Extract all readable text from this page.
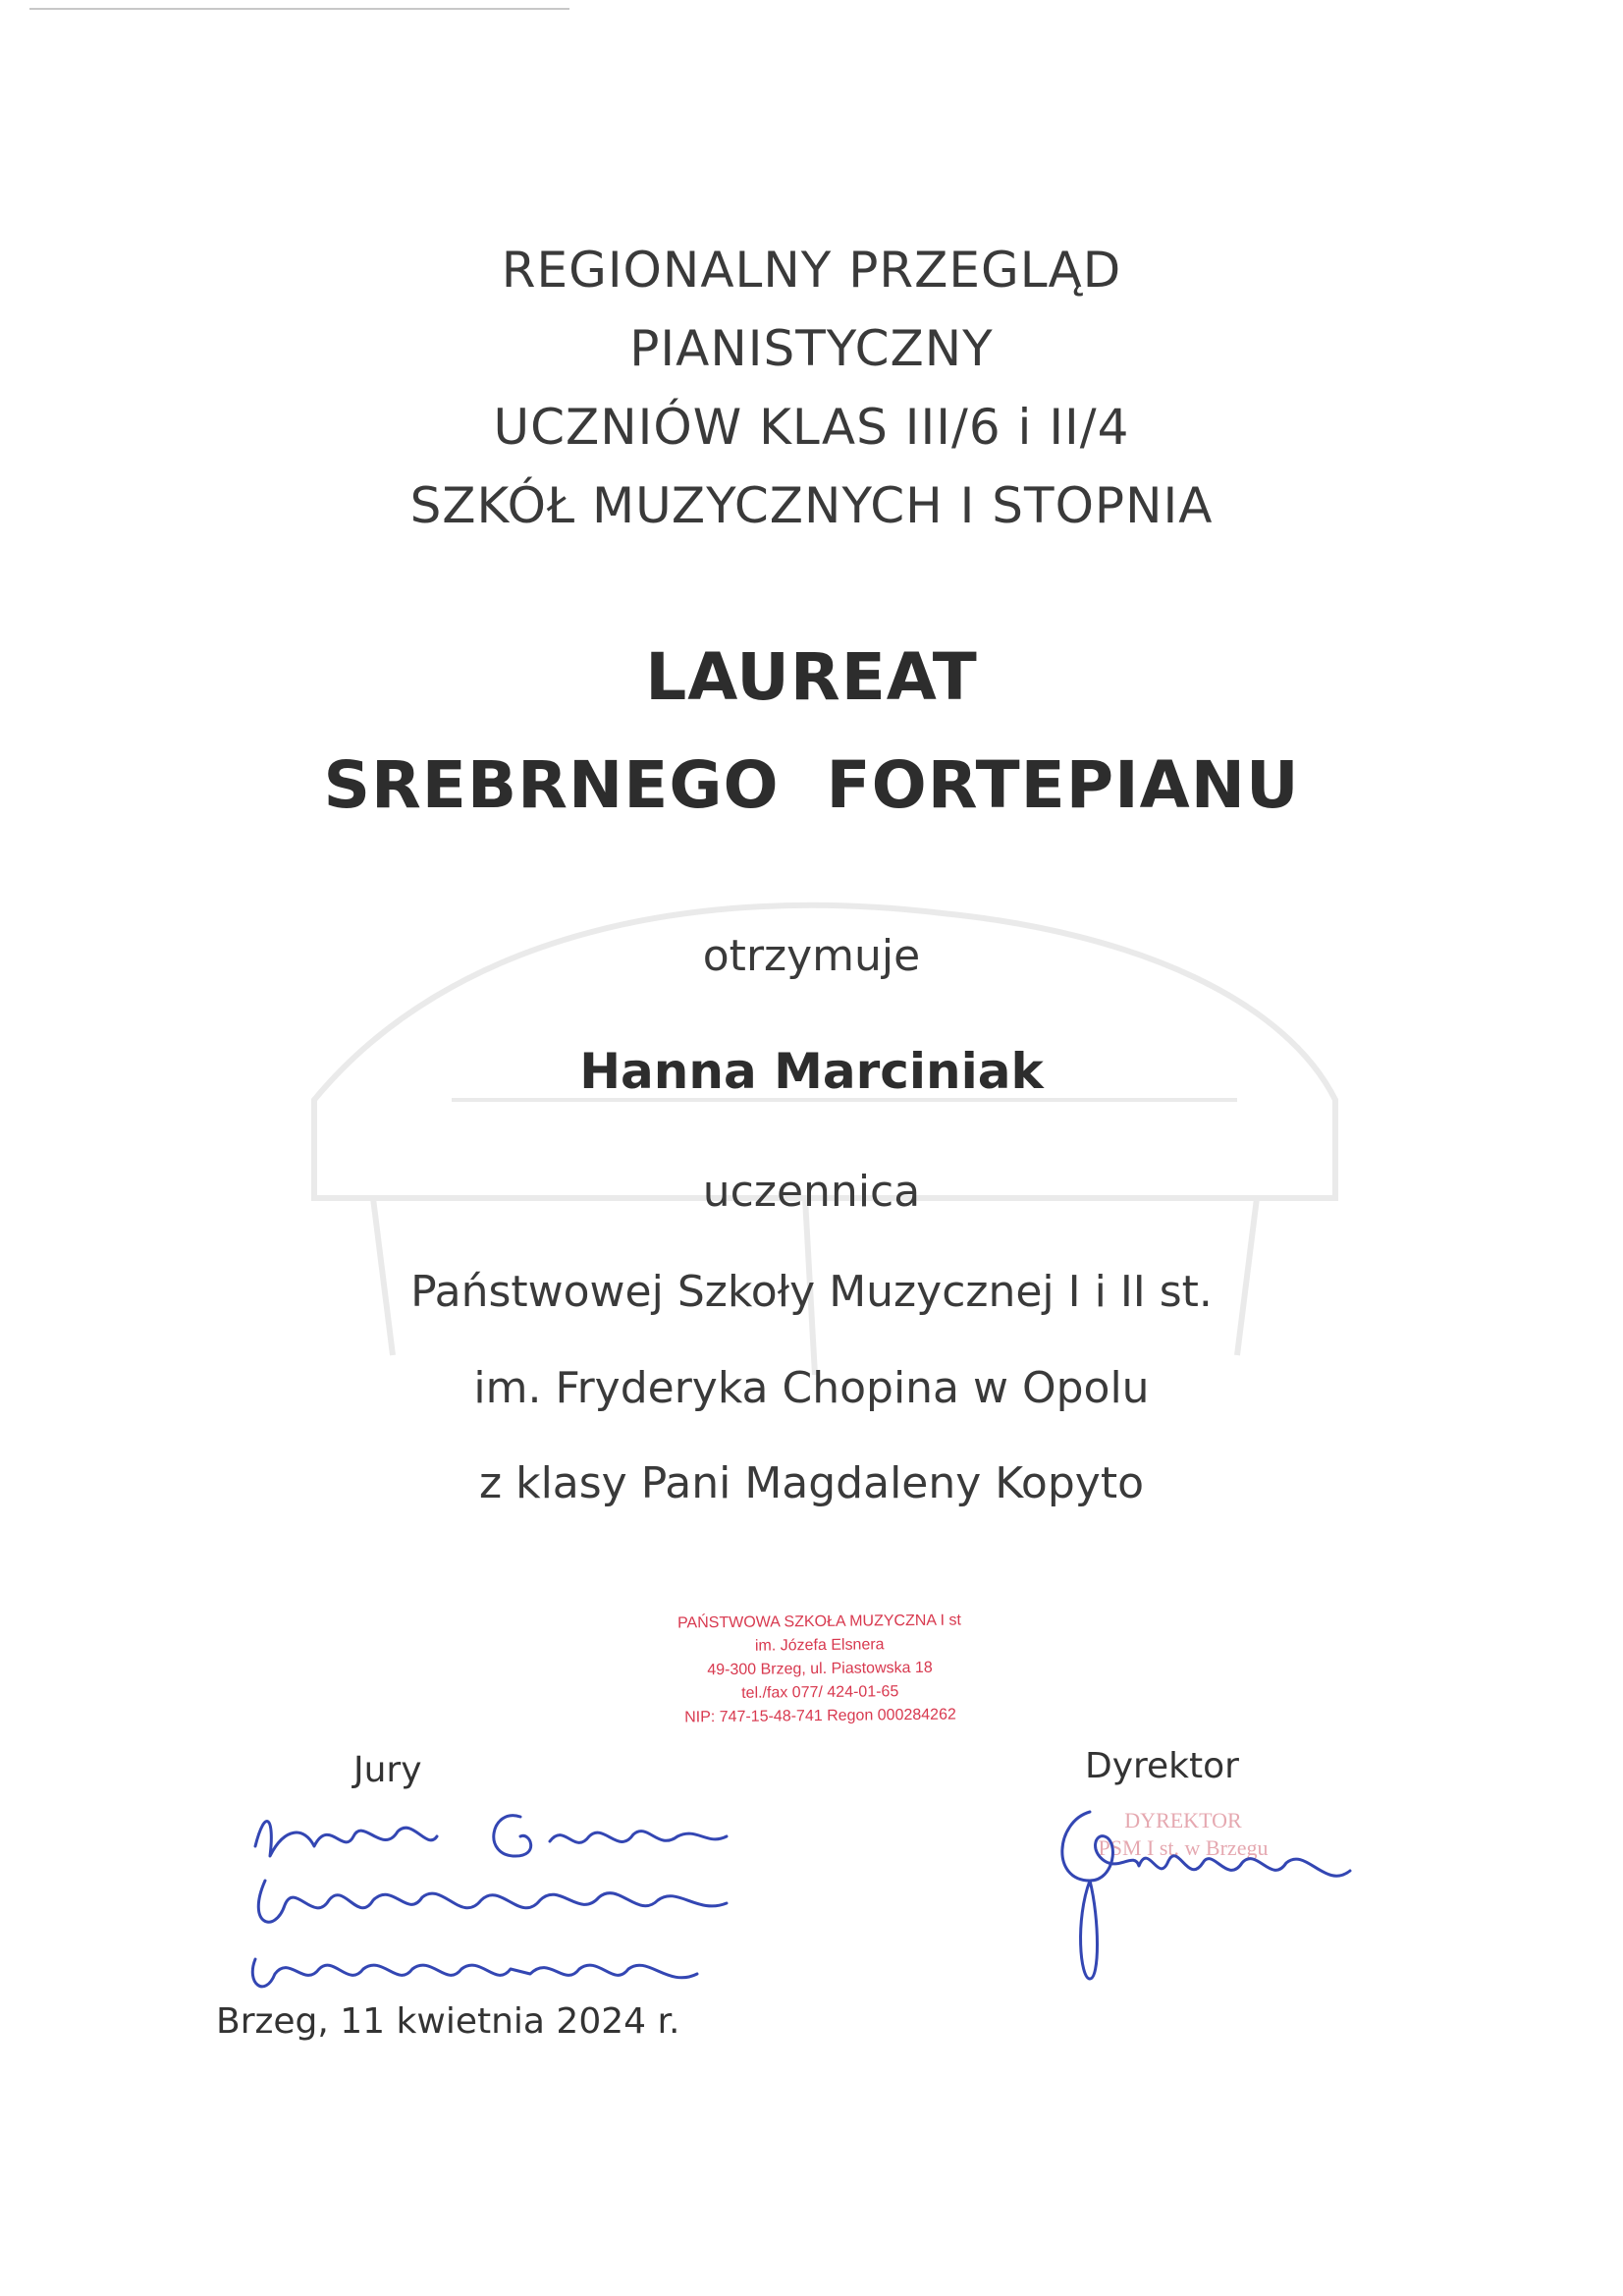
REGIONALNY PRZEGLĄD
PIANISTYCZNY
UCZNIÓW KLAS III/6 i II/4
SZKÓŁ MUZYCZNYCH I STOPNIA
LAUREAT
SREBRNEGO  FORTEPIANU
otrzymuje
Hanna Marciniak
uczennica
Państwowej Szkoły Muzycznej I i II st.
im. Fryderyka Chopina w Opolu
z klasy Pani Magdaleny Kopyto
PAŃSTWOWA SZKOŁA MUZYCZNA I st
im. Józefa Elsnera
49-300 Brzeg, ul. Piastowska 18
tel./fax 077/ 424-01-65
NIP: 747-15-48-741 Regon 000284262
Jury	Dyrektor
DYREKTOR
PSM I st. w Brzegu
Brzeg, 11 kwietnia 2024 r.
